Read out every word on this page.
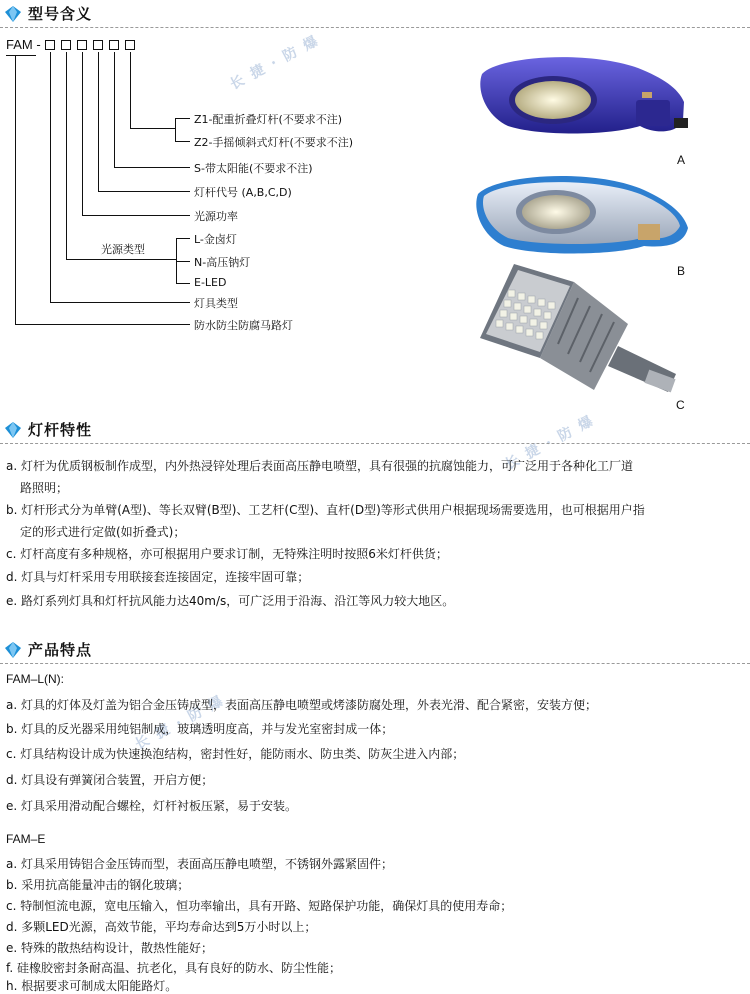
型号含义
长 捷 · 防 爆
长 捷 · 防 爆
长 捷 · 防 爆
FAM -
Z1-配重折叠灯杆(不要求不注)
Z2-手摇倾斜式灯杆(不要求不注)
S-带太阳能(不要求不注)
灯杆代号 (A,B,C,D)
光源功率
光源类型
L-金卤灯
N-高压钠灯
E-LED
灯具类型
防水防尘防腐马路灯
A
B
C
灯杆特性
a. 灯杆为优质钢板制作成型，内外热浸锌处理后表面高压静电喷塑，具有很强的抗腐蚀能力，可广泛用于各种化工厂道
路照明；
b. 灯杆形式分为单臂(A型)、等长双臂(B型)、工艺杆(C型)、直杆(D型)等形式供用户根据现场需要选用，也可根据用户指
定的形式进行定做(如折叠式)；
c. 灯杆高度有多种规格，亦可根据用户要求订制，无特殊注明时按照6米灯杆供货；
d. 灯具与灯杆采用专用联接套连接固定，连接牢固可靠；
e. 路灯系列灯具和灯杆抗风能力达40m/s，可广泛用于沿海、沿江等风力较大地区。
产品特点
FAM–L(N):
a. 灯具的灯体及灯盖为铝合金压铸成型，表面高压静电喷塑或烤漆防腐处理，外表光滑、配合紧密，安装方便；
b. 灯具的反光器采用纯铝制成，玻璃透明度高，并与发光室密封成一体；
c. 灯具结构设计成为快速换泡结构，密封性好，能防雨水、防虫类、防灰尘进入内部；
d. 灯具设有弹簧闭合装置，开启方便；
e. 灯具采用滑动配合螺栓，灯杆衬板压紧，易于安装。
FAM–E
a. 灯具采用铸铝合金压铸而型，表面高压静电喷塑，不锈钢外露紧固件；
b. 采用抗高能量冲击的钢化玻璃；
c. 特制恒流电源，宽电压输入，恒功率输出，具有开路、短路保护功能，确保灯具的使用寿命；
d. 多颗LED光源，高效节能，平均寿命达到5万小时以上；
e. 特殊的散热结构设计，散热性能好；
f. 硅橡胶密封条耐高温、抗老化，具有良好的防水、防尘性能；
h. 根据要求可制成太阳能路灯。
